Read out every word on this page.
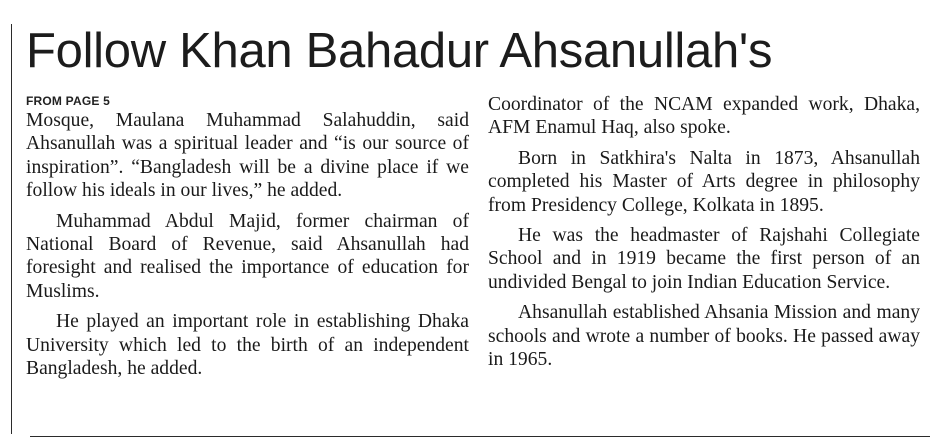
Follow Khan Bahadur Ahsanullah's
FROM PAGE 5

Mosque, Maulana Muhammad Salahuddin, said Ahsanullah was a spiritual leader and “is our source of inspiration”. “Bangladesh will be a divine place if we follow his ideals in our lives,” he added.

Muhammad Abdul Majid, former chairman of National Board of Revenue, said Ahsanullah had foresight and realised the importance of education for Muslims.

He played an important role in establishing Dhaka University which led to the birth of an independent Bangladesh, he added.

Coordinator of the NCAM expanded work, Dhaka, AFM Enamul Haq, also spoke.

Born in Satkhira's Nalta in 1873, Ahsanullah completed his Master of Arts degree in philosophy from Presidency College, Kolkata in 1895.

He was the headmaster of Rajshahi Collegiate School and in 1919 became the first person of an undivided Bengal to join Indian Education Service.

Ahsanullah established Ahsania Mission and many schools and wrote a number of books. He passed away in 1965.
